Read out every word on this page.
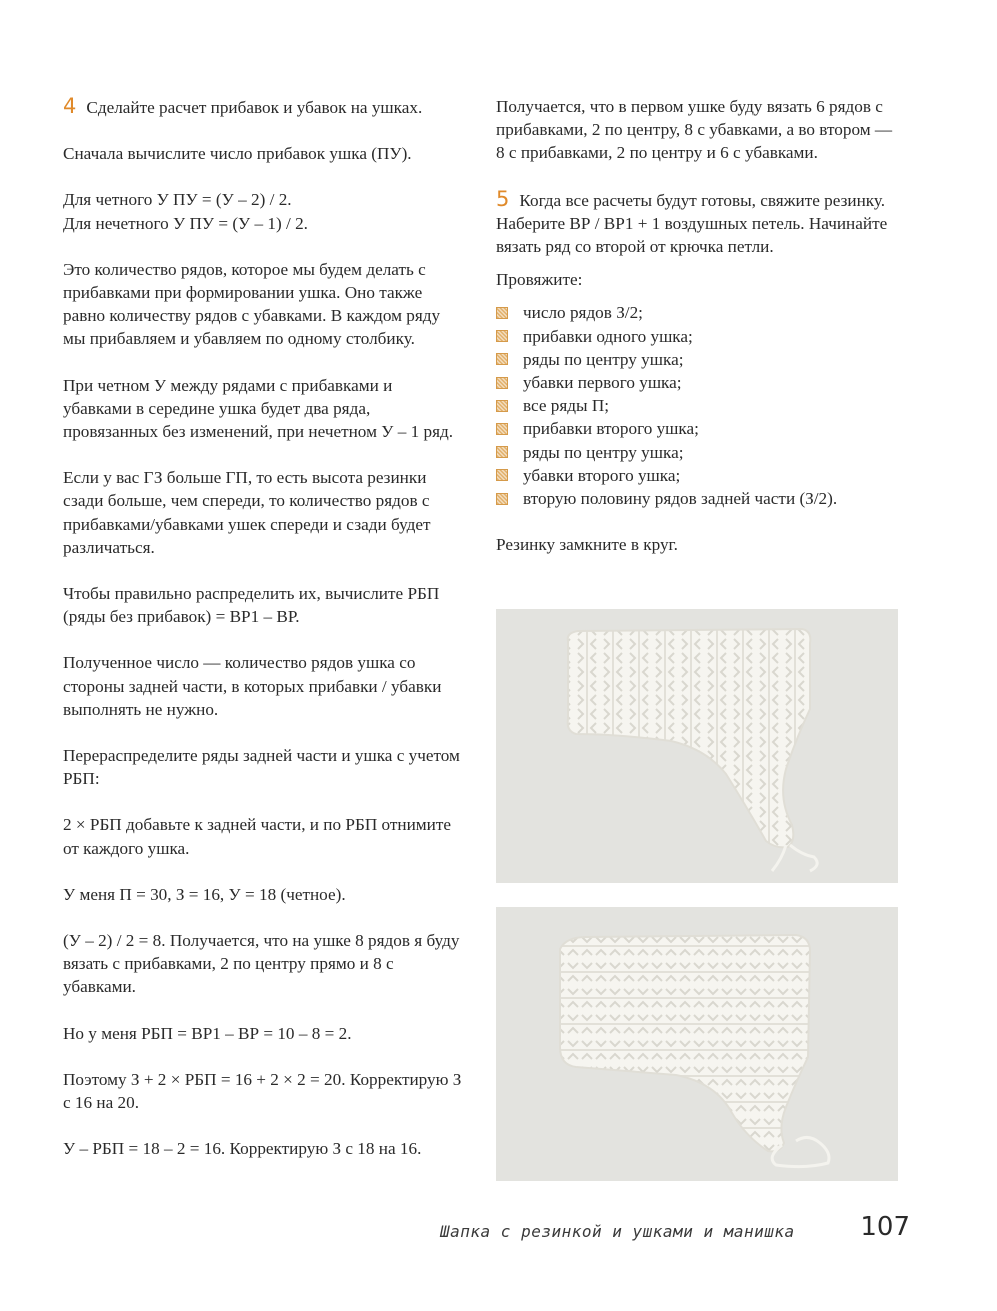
4 Сделайте расчет прибавок и убавок на ушках.

Сначала вычислите число прибавок ушка (ПУ).

Для четного У ПУ = (У – 2) / 2.

Для нечетного У ПУ = (У – 1) / 2.

Это количество рядов, которое мы будем делать с прибавками при формировании ушка. Оно также равно количеству рядов с убавками. В каждом ряду мы прибавляем и убавляем по одному столбику.

При четном У между рядами с прибавками и убавками в середине ушка будет два ряда, провязанных без изменений, при нечетном У – 1 ряд.

Если у вас ГЗ больше ГП, то есть высота резинки сзади больше, чем спереди, то количество рядов с прибавками/убавками ушек спереди и сзади будет различаться.

Чтобы правильно распределить их, вычислите РБП (ряды без прибавок) = ВР1 – ВР.

Полученное число — количество рядов ушка со стороны задней части, в которых прибавки / убавки выполнять не нужно.

Перераспределите ряды задней части и ушка с учетом РБП:

2 × РБП добавьте к задней части, и по РБП отнимите от каждого ушка.

У меня П = 30, З = 16, У = 18 (четное).

(У – 2) / 2 = 8. Получается, что на ушке 8 рядов я буду вязать с прибавками, 2 по центру прямо и 8 с убавками.

Но у меня РБП = ВР1 – ВР = 10 – 8 = 2.

Поэтому З + 2 × РБП = 16 + 2 × 2 = 20. Корректирую З с 16 на 20.

У – РБП = 18 – 2 = 16. Корректирую З с 18 на 16.

Получается, что в первом ушке буду вязать 6 рядов с прибавками, 2 по центру, 8 с убавками, а во втором — 8 с прибавками, 2 по центру и 6 с убавками.

5 Когда все расчеты будут готовы, свяжите резинку.

Наберите ВР / ВР1 + 1 воздушных петель. Начинайте вязать ряд со второй от крючка петли.

Провяжите:

число рядов З/2;
прибавки одного ушка;
ряды по центру ушка;
убавки первого ушка;
все ряды П;
прибавки второго ушка;
ряды по центру ушка;
убавки второго ушка;
вторую половину рядов задней части (З/2).

Резинку замкните в круг.

Шапка с резинкой и ушками и манишка	107
